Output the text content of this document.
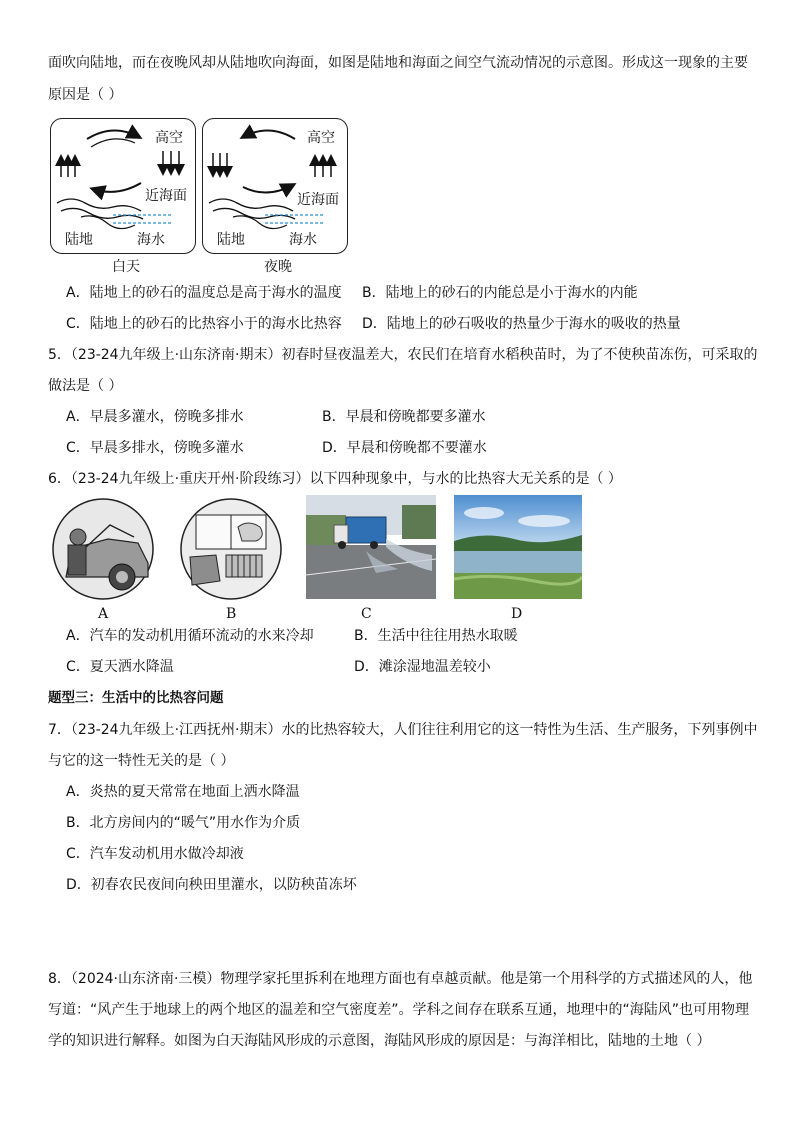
面吹向陆地，而在夜晚风却从陆地吹向海面，如图是陆地和海面之间空气流动情况的示意图。形成这一现象的主要
原因是（ ）
高空
近海面
陆地	海水
白天
高空
近海面
陆地	海水
夜晚
A．陆地上的砂石的温度总是高于海水的温度 B．陆地上的砂石的内能总是小于海水的内能
C．陆地上的砂石的比热容小于的海水比热容 D．陆地上的砂石吸收的热量少于海水的吸收的热量
5．（23-24九年级上·山东济南·期末）初春时昼夜温差大，农民们在培育水稻秧苗时，为了不使秧苗冻伤，可采取的
做法是（ ）
A．早晨多灌水，傍晚多排水	B．早晨和傍晚都要多灌水
C．早晨多排水，傍晚多灌水	D．早晨和傍晚都不要灌水
6．（23-24九年级上·重庆开州·阶段练习）以下四种现象中，与水的比热容大无关系的是（ ）
A	B	C	D
A．汽车的发动机用循环流动的水来冷却	B．生活中往往用热水取暖
C．夏天洒水降温	D．滩涂湿地温差较小
题型三：生活中的比热容问题
7．（23-24九年级上·江西抚州·期末）水的比热容较大，人们往往利用它的这一特性为生活、生产服务，下列事例中
与它的这一特性无关的是（ ）
A．炎热的夏天常常在地面上洒水降温
B．北方房间内的“暖气”用水作为介质
C．汽车发动机用水做冷却液
D．初春农民夜间向秧田里灌水，以防秧苗冻坏
8．（2024·山东济南·三模）物理学家托里拆利在地理方面也有卓越贡献。他是第一个用科学的方式描述风的人，他
写道：“风产生于地球上的两个地区的温差和空气密度差”。学科之间存在联系互通，地理中的“海陆风”也可用物理
学的知识进行解释。如图为白天海陆风形成的示意图，海陆风形成的原因是：与海洋相比，陆地的土地（ ）
